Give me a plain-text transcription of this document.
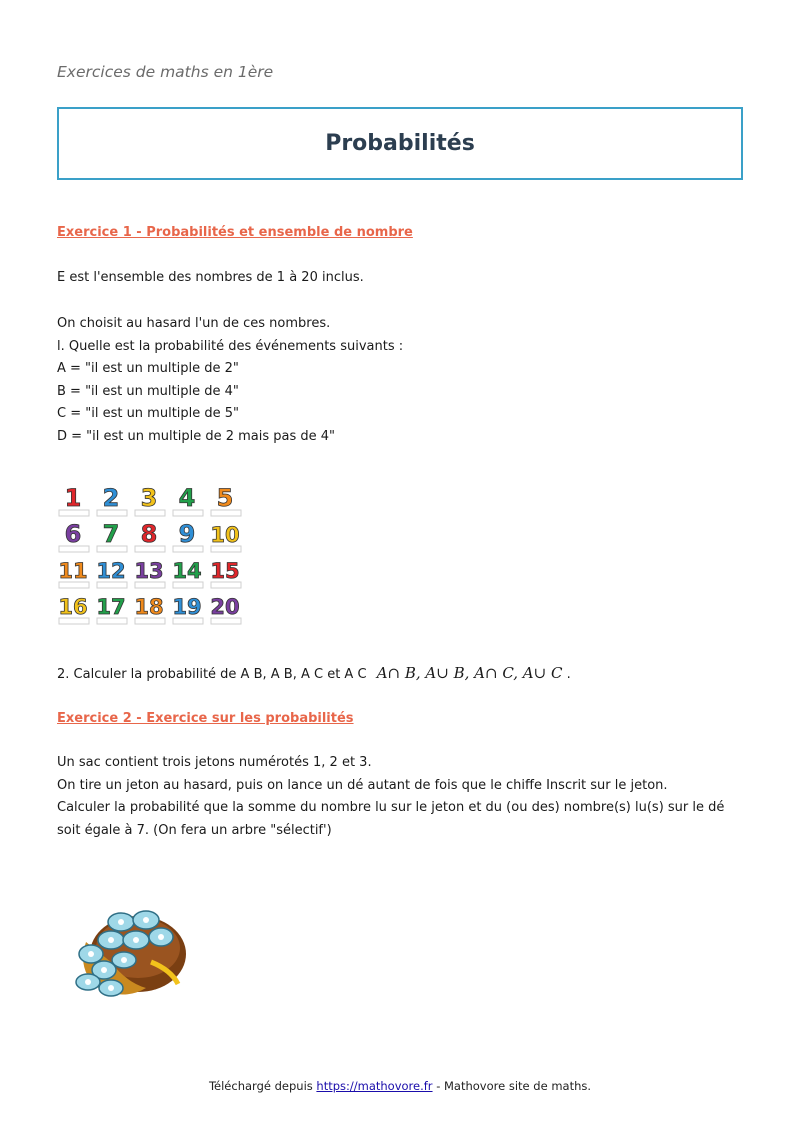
Exercices de maths en 1ère
Probabilités
Exercice 1 - Probabilités et ensemble de nombre

E est l'ensemble des nombres de 1 à 20 inclus.

On choisit au hasard l'un de ces nombres.

l. Quelle est la probabilité des événements suivants :

A = "il est un multiple de 2"

B = "il est un multiple de 4"

C = "il est un multiple de 5"

D = "il est un multiple de 2 mais pas de 4"

1 2 3 4 5
6 7 8 9 10
11 12 13 14 15
16 17 18 19 20

2. Calculer la probabilité de A B, A B, A C et A C A∩ B, A∪ B, A∩ C, A∪ C .

Exercice 2 - Exercice sur les probabilités

Un sac contient trois jetons numérotés 1, 2 et 3.

On tire un jeton au hasard, puis on lance un dé autant de fois que le chiffe Inscrit sur le jeton.

Calculer la probabilité que la somme du nombre lu sur le jeton et du (ou des) nombre(s) lu(s) sur le dé soit égale à 7. (On fera un arbre "sélectif')

Téléchargé depuis https://mathovore.fr - Mathovore site de maths.
